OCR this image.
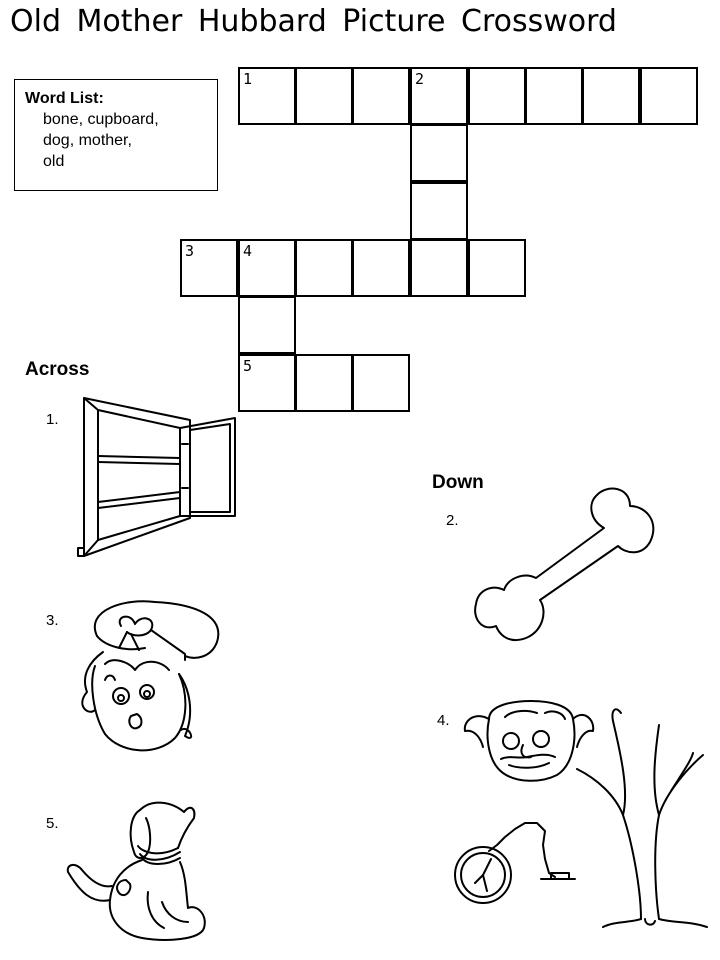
Old Mother Hubbard Picture Crossword
Word List:
bone, cupboard,
dog, mother,
old
1	2
3	4
5
Across
Down
1.
3.
5.
2.
4.
